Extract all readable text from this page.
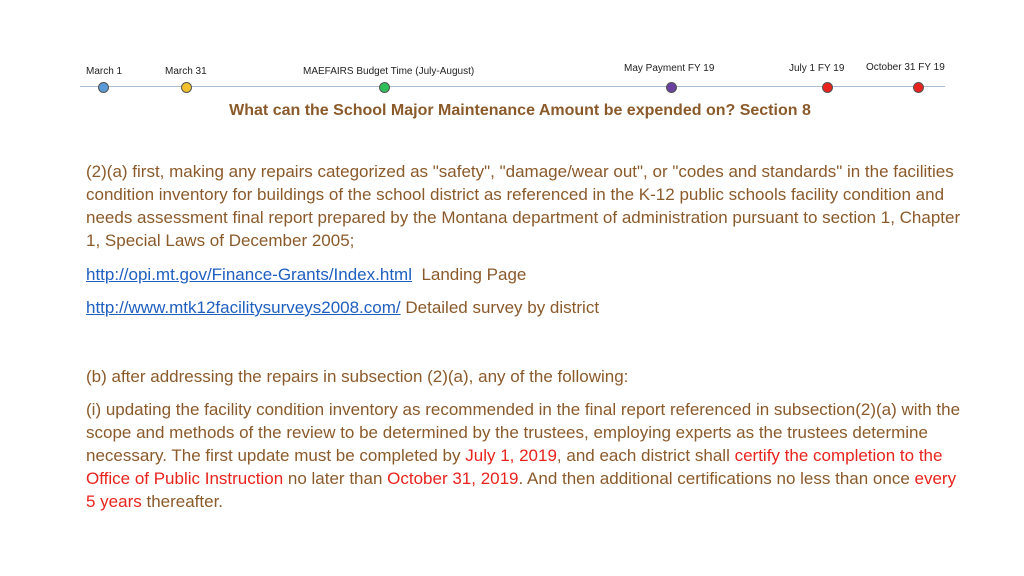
March 1	March 31	MAEFAIRS Budget Time (July-August)	May Payment FY 19	July 1 FY 19 October 31 FY 19
What can the School Major Maintenance Amount be expended on? Section 8
(2)(a) first, making any repairs categorized as "safety", "damage/wear out", or "codes and standards" in the facilities condition inventory for buildings of the school district as referenced in the K-12 public schools facility condition and needs assessment final report prepared by the Montana department of administration pursuant to section 1, Chapter 1, Special Laws of December 2005;
http://opi.mt.gov/Finance-Grants/Index.html Landing Page
http://www.mtk12facilitysurveys2008.com/ Detailed survey by district
(b) after addressing the repairs in subsection (2)(a), any of the following:
(i) updating the facility condition inventory as recommended in the final report referenced in subsection(2)(a) with the scope and methods of the review to be determined by the trustees, employing experts as the trustees determine necessary. The first update must be completed by July 1, 2019, and each district shall certify the completion to the Office of Public Instruction no later than October 31, 2019. And then additional certifications no less than once every 5 years thereafter.
